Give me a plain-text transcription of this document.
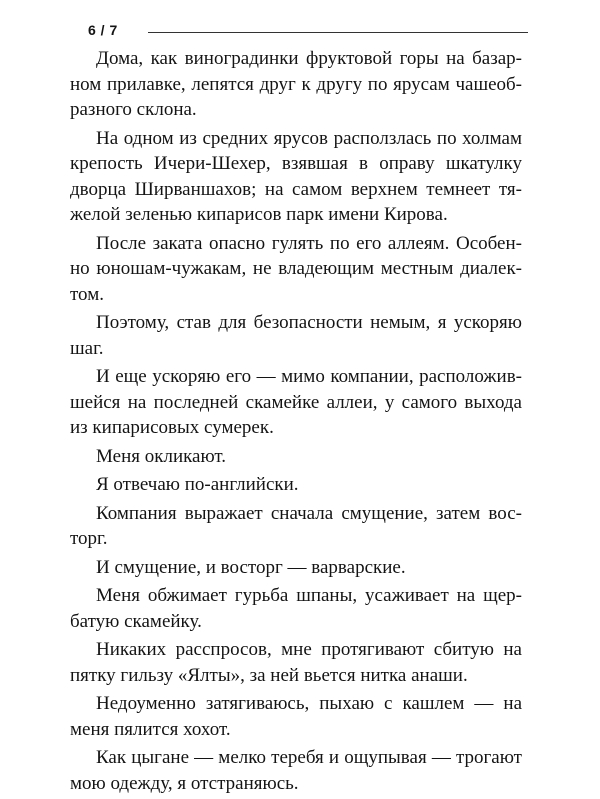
6 / 7
Дома, как виноградинки фруктовой горы на базар-
ном прилавке, лепятся друг к другу по ярусам чашеоб-
разного склона.
На одном из средних ярусов расползлась по холмам
крепость Ичери-Шехер, взявшая в оправу шкатулку
дворца Ширваншахов; на самом верхнем темнеет тя-
желой зеленью кипарисов парк имени Кирова.
После заката опасно гулять по его аллеям. Особен-
но юношам-чужакам, не владеющим местным диалек-
том.
Поэтому, став для безопасности немым, я ускоряю
шаг.
И еще ускоряю его — мимо компании, расположив-
шейся на последней скамейке аллеи, у самого выхода
из кипарисовых сумерек.
Меня окликают.
Я отвечаю по-английски.
Компания выражает сначала смущение, затем вос-
торг.
И смущение, и восторг — варварские.
Меня обжимает гурьба шпаны, усаживает на щер-
батую скамейку.
Никаких расспросов, мне протягивают сбитую на
пятку гильзу «Ялты», за ней вьется нитка анаши.
Недоуменно затягиваюсь, пыхаю с кашлем — на
меня пялится хохот.
Как цыгане — мелко теребя и ощупывая — трогают
мою одежду, я отстраняюсь.
